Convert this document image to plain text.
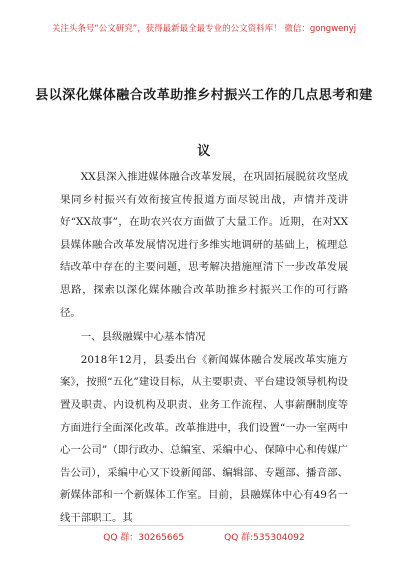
关注头条号“公文研究”，获得最新最全最专业的公文资料库！ 微信：gongwenyj
县以深化媒体融合改革助推乡村振兴工作的几点思考和建议

XX县深入推进媒体融合改革发展，在巩固拓展脱贫攻坚成果同乡村振兴有效衔接宣传报道方面尽锐出战，声情并茂讲好“XX故事”，在助农兴农方面做了大量工作。近期，在对XX县媒体融合改革发展情况进行多维实地调研的基础上，梳理总结改革中存在的主要问题，思考解决措施厘清下一步改革发展思路，探索以深化媒体融合改革助推乡村振兴工作的可行路径。

一、县级融媒中心基本情况

2018年12月，县委出台《新闻媒体融合发展改革实施方案》，按照“五化”建设目标，从主要职责、平台建设领导机构设置及职责、内设机构及职责、业务工作流程、人事薪酬制度等方面进行全面深化改革。改革推进中，我们设置“一办一室两中心一公司”（即行政办、总编室、采编中心、保障中心和传媒广告公司），采编中心又下设新闻部、编辑部、专题部、播音部、新媒体部和一个新媒体工作室。目前，县融媒体中心有49名一线干部职工。其

QQ 群：30265665	QQ 群:535304092
